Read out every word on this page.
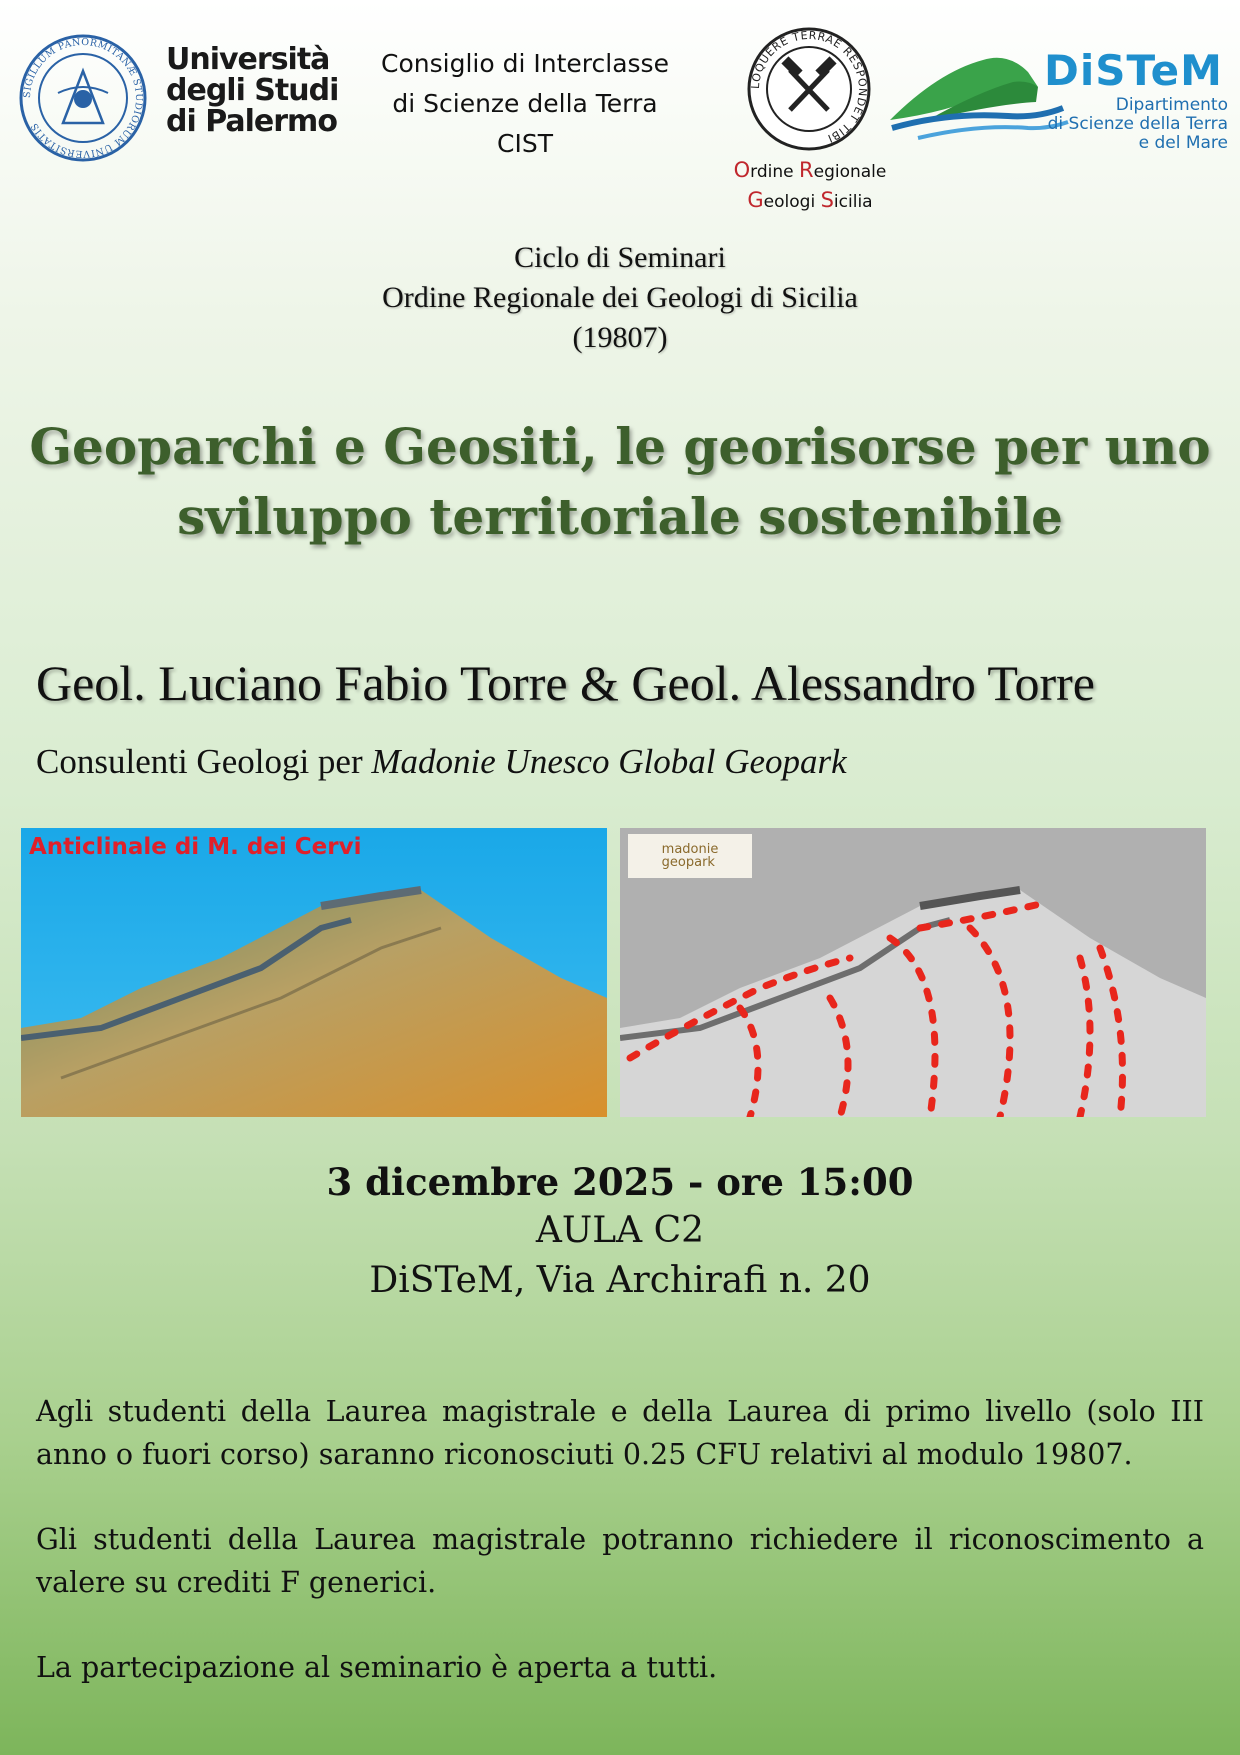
SIGILLUM PANORMITANÆ STUDIORUM UNIVERSITATIS
Università
degli Studi
di Palermo
Consiglio di Interclasse
di Scienze della Terra
CIST
LOQUERE TERRAE RESPONDET TIBI
Ordine Regionale
Geologi Sicilia
DiSTeM
Dipartimento
di Scienze della Terra
e del Mare
Ciclo di Seminari
Ordine Regionale dei Geologi di Sicilia
(19807)
Geoparchi e Geositi, le georisorse per uno
sviluppo territoriale sostenibile
Geol. Luciano Fabio Torre & Geol. Alessandro Torre
Consulenti Geologi per Madonie Unesco Global Geopark
Anticlinale di M. dei Cervi	madonie
geopark
3 dicembre 2025 - ore 15:00
AULA C2
DiSTeM, Via Archirafi n. 20

Agli studenti della Laurea magistrale e della Laurea di primo livello (solo III anno o fuori corso) saranno riconosciuti 0.25 CFU relativi al modulo 19807.

Gli studenti della Laurea magistrale potranno richiedere il riconoscimento a valere su crediti F generici.

La partecipazione al seminario è aperta a tutti.
